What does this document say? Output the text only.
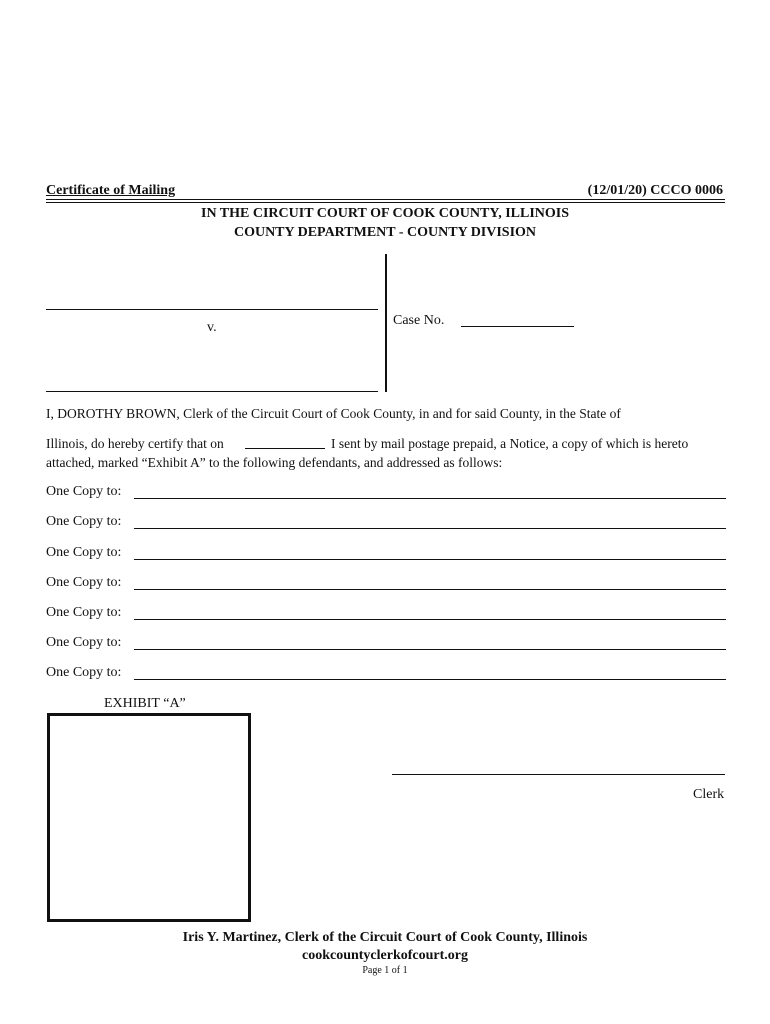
Certificate of Mailing	(12/01/20) CCCO 0006
IN THE CIRCUIT COURT OF COOK COUNTY, ILLINOIS
COUNTY DEPARTMENT - COUNTY DIVISION
v.	Case No.
I, DOROTHY BROWN, Clerk of the Circuit Court of Cook County, in and for said County, in the State of
Illinois, do hereby certify that on	I sent by mail postage prepaid, a Notice, a copy of which is hereto
attached, marked “Exhibit A” to the following defendants, and addressed as follows:
One Copy to:
One Copy to:
One Copy to:
One Copy to:
One Copy to:
One Copy to:
One Copy to:
EXHIBIT “A”
Clerk
Iris Y. Martinez, Clerk of the Circuit Court of Cook County, Illinois
cookcountyclerkofcourt.org
Page 1 of 1
